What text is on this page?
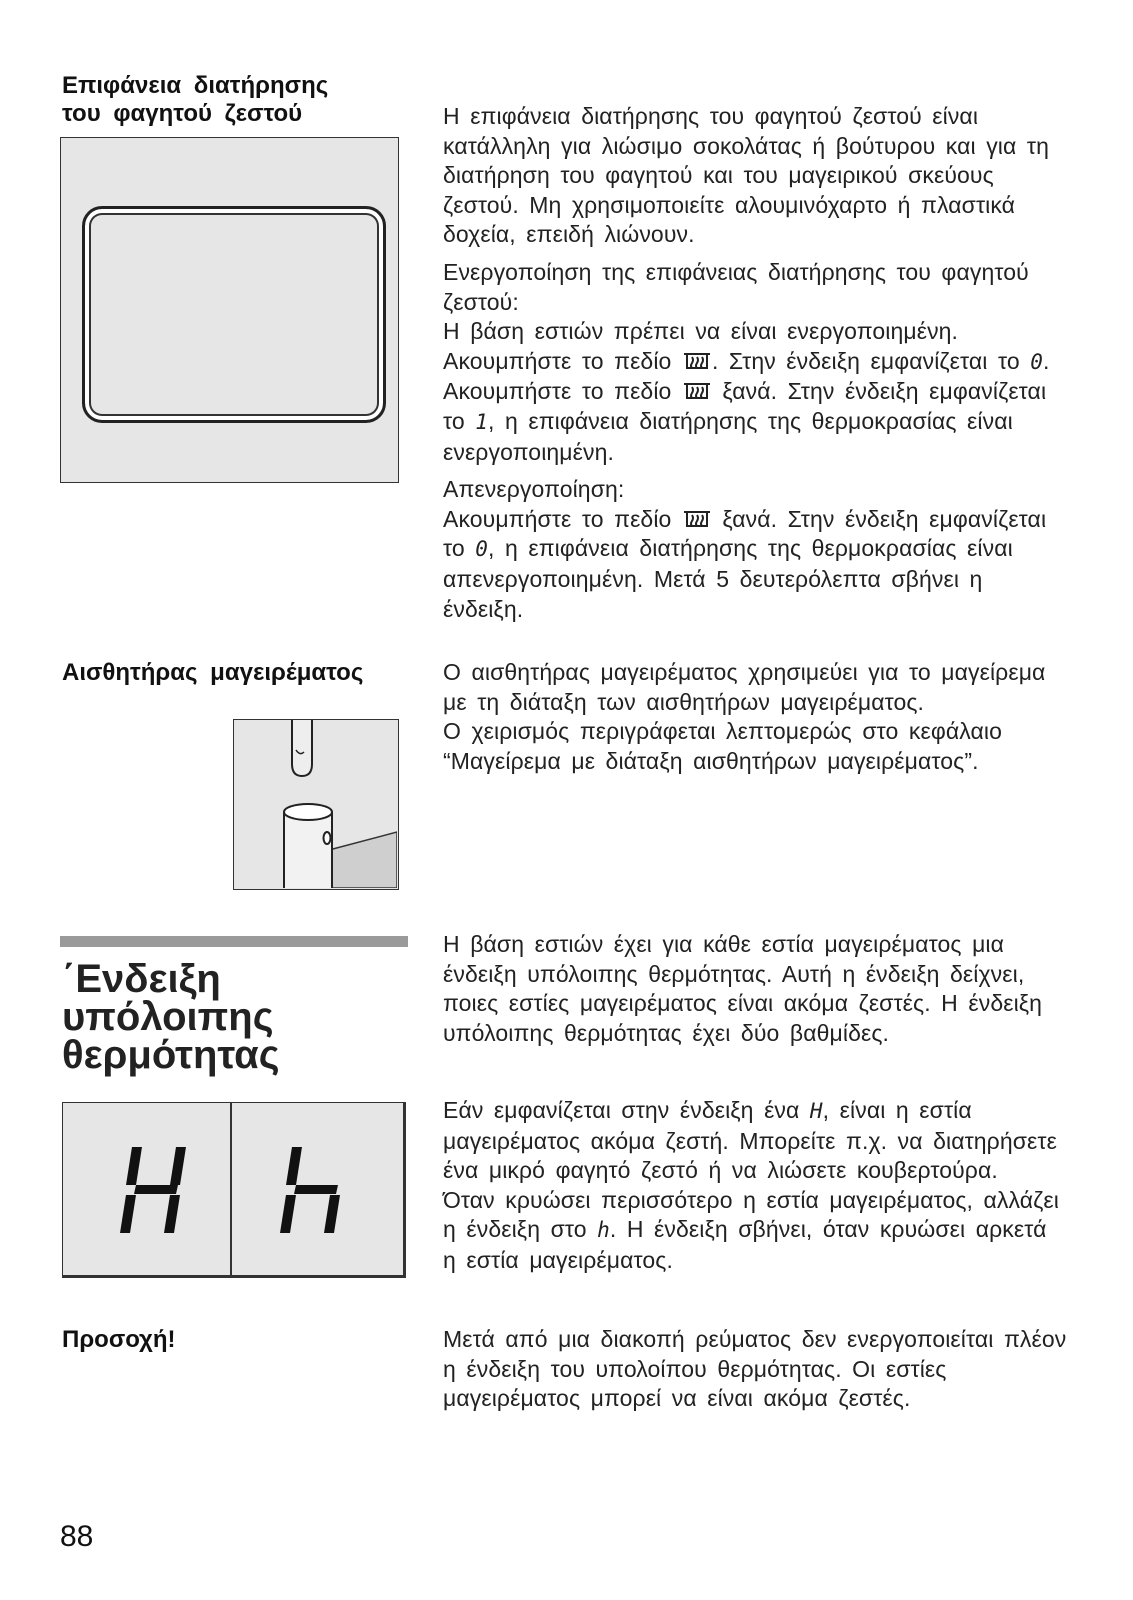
Επιφάνεια διατήρησης
του φαγητού ζεστού	Η επιφάνεια διατήρησης του φαγητού ζεστού είναι κατάλληλη για λιώσιμο σοκολάτας ή βούτυρου και για τη διατήρηση του φαγητού και του μαγειρικού σκεύους ζεστού. Μη χρησιμοποιείτε αλουμινόχαρτο ή πλαστικά δοχεία, επειδή λιώνουν.

Ενεργοποίηση της επιφάνειας διατήρησης του φαγητού ζεστού:

Η βάση εστιών πρέπει να είναι ενεργοποιημένη.

Ακουμπήστε το πεδίο . Στην ένδειξη εμφανίζεται το 0. Ακουμπήστε το πεδίο  ξανά. Στην ένδειξη εμφανίζεται το 1, η επιφάνεια διατήρησης της θερμοκρασίας είναι ενεργοποιημένη.

Απενεργοποίηση:

Ακουμπήστε το πεδίο  ξανά. Στην ένδειξη εμφανίζεται το 0, η επιφάνεια διατήρησης της θερμοκρασίας είναι απενεργοποιημένη. Μετά 5 δευτερόλεπτα σβήνει η ένδειξη.

Αισθητήρας μαγειρέματος	Ο αισθητήρας μαγειρέματος χρησιμεύει για το μαγείρεμα με τη διάταξη των αισθητήρων μαγειρέματος.

Ο χειρισμός περιγράφεται λεπτομερώς στο κεφάλαιο “Μαγείρεμα με διάταξη αισθητήρων μαγειρέματος”.

΄Ενδειξη
υπόλοιπης
θερμότητας
Η βάση εστιών έχει για κάθε εστία μαγειρέματος μια ένδειξη υπόλοιπης θερμότητας. Αυτή η ένδειξη δείχνει, ποιες εστίες μαγειρέματος είναι ακόμα ζεστές. Η ένδειξη υπόλοιπης θερμότητας έχει δύο βαθμίδες.

Εάν εμφανίζεται στην ένδειξη ένα H, είναι η εστία μαγειρέματος ακόμα ζεστή. Μπορείτε π.χ. να διατηρήσετε ένα μικρό φαγητό ζεστό ή να λιώσετε κουβερτούρα.

Όταν κρυώσει περισσότερο η εστία μαγειρέματος, αλλάζει η ένδειξη στο h. Η ένδειξη σβήνει, όταν κρυώσει αρκετά η εστία μαγειρέματος.

Προσοχή!	Μετά από μια διακοπή ρεύματος δεν ενεργοποιείται πλέον η ένδειξη του υπολοίπου θερμότητας. Οι εστίες μαγειρέματος μπορεί να είναι ακόμα ζεστές.
88
